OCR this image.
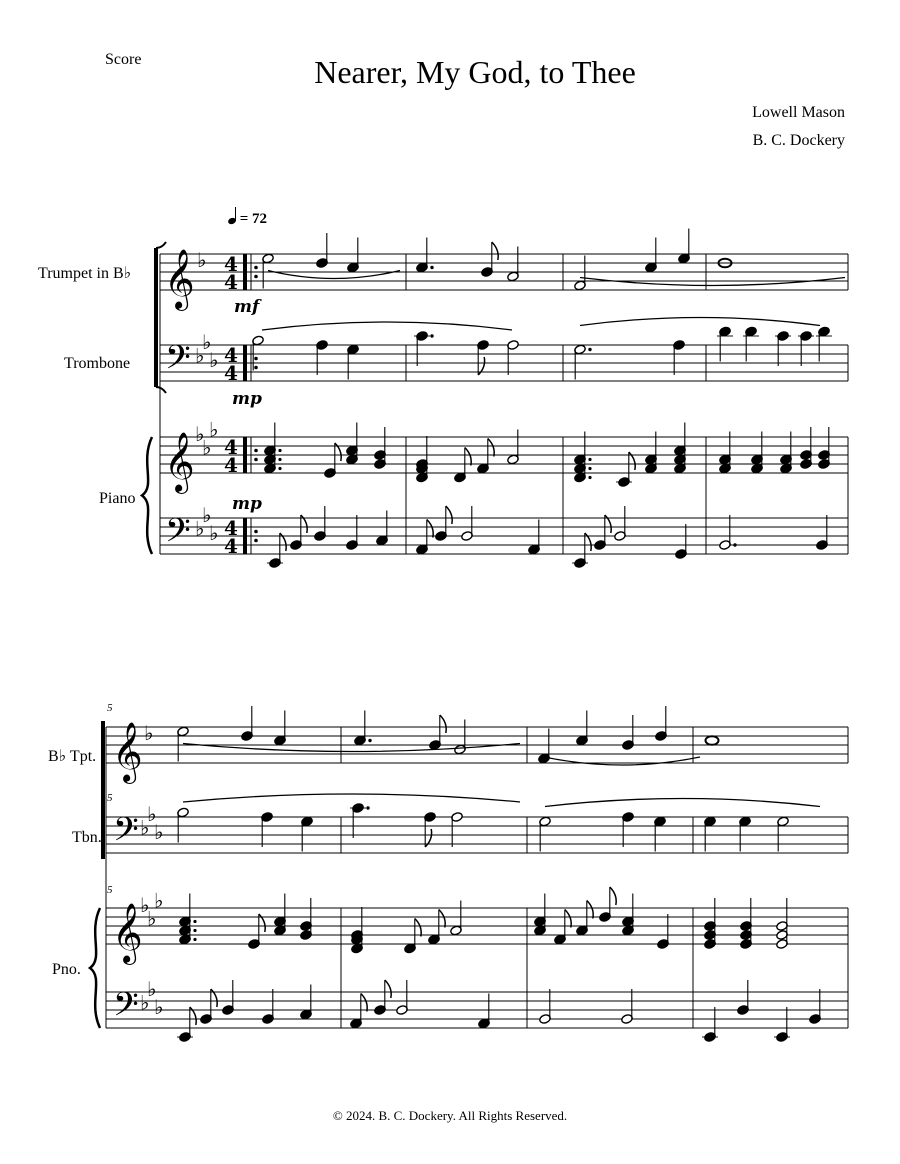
Score	Nearer, My God, to Thee
Lowell Mason
B. C. Dockery
= 72
Trumpet in B♭
Trombone
Piano
mf
mp
mp
B♭ Tpt.
Tbn.
Pno.
5
5
5
© 2024. B. C. Dockery. All Rights Reserved.
𝄞
𝄢
𝄞
𝄢
♭
♭
♭
♭
♭
♭
♭
♭
♭
♭
4
4
4
4
4
4
4
4
𝄞
𝄢
𝄞
𝄢
♭
♭
♭
♭
♭
♭
♭
♭
♭
♭
